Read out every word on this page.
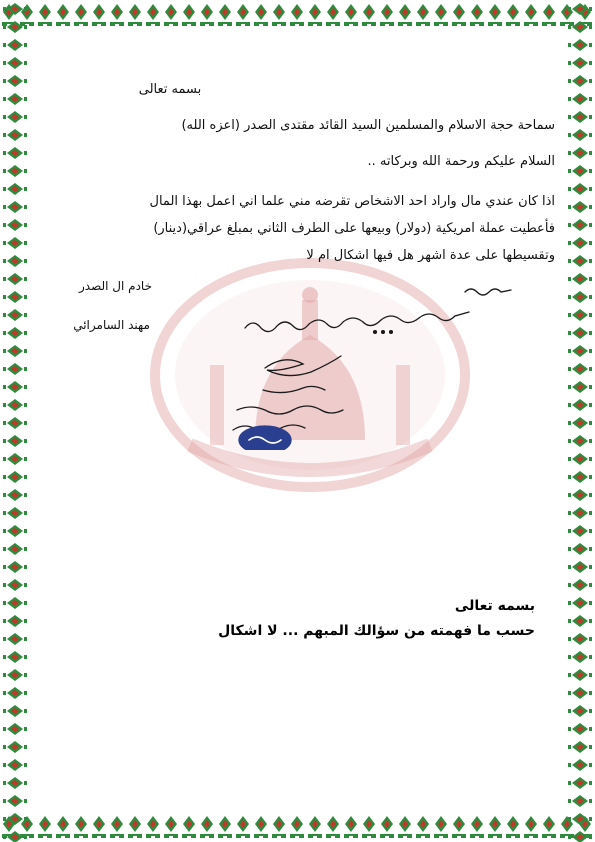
بسمه تعالى
سماحة حجة الاسلام والمسلمين السيد القائد مقتدى الصدر (اعزه الله)
السلام عليكم ورحمة الله وبركاته ..
اذا كان عندي مال واراد احد الاشخاص تقرضه مني علما اني اعمل بهذا المال
فأعطيت عملة امريكية (دولار) وبيعها على الطرف الثاني بمبلغ عراقي(دينار)
وتقسيطها على عدة اشهر هل فيها اشكال ام لا
خادم ال الصدر
مهند السامرائي
بسمه تعالى
حسب ما فهمته من سؤالك المبهم ... لا اشكال
